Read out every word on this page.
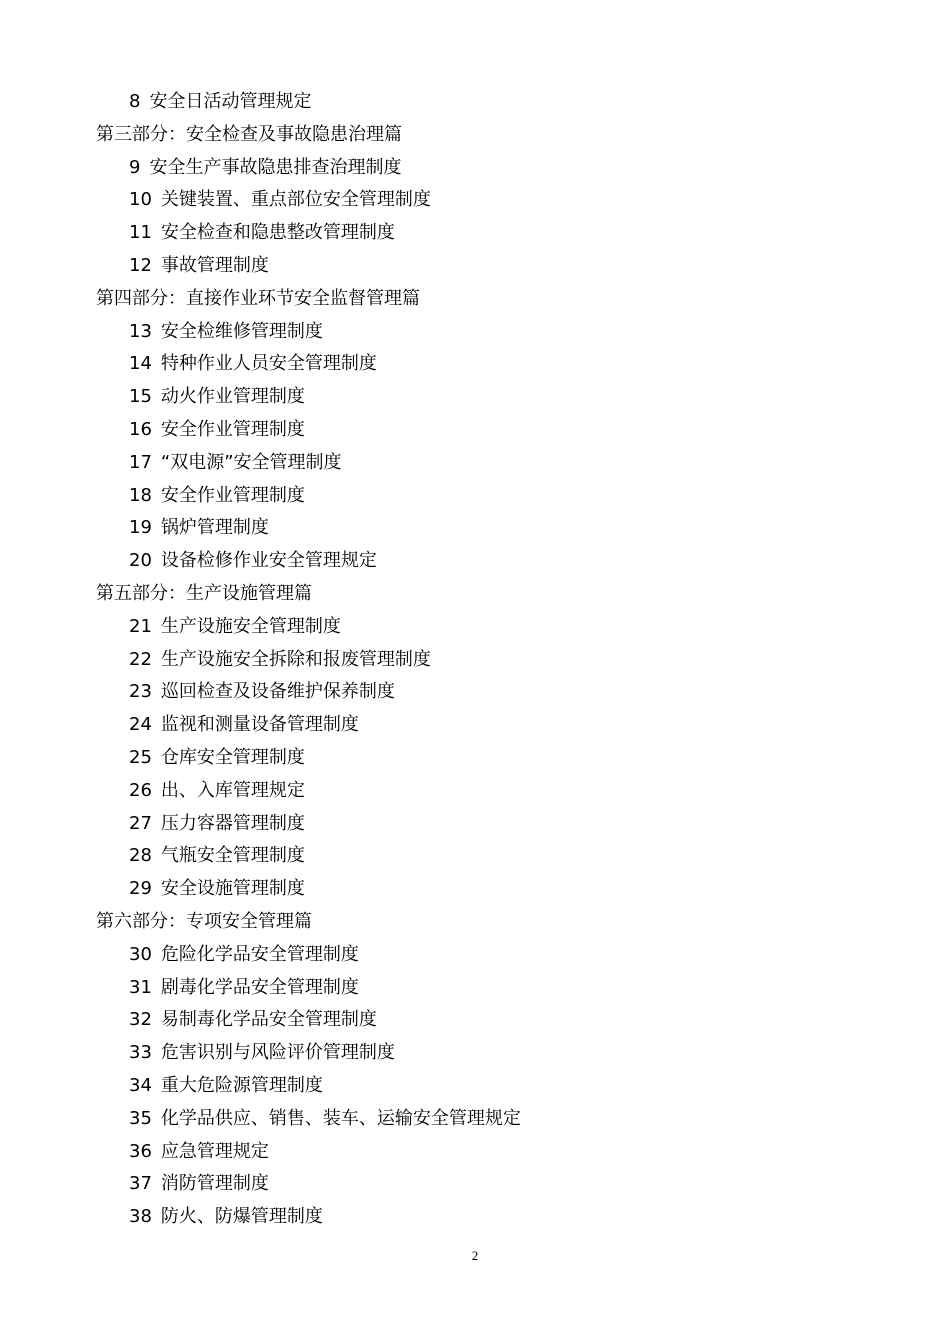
8 安全日活动管理规定
第三部分：安全检查及事故隐患治理篇
9 安全生产事故隐患排查治理制度
10 关键装置、重点部位安全管理制度
11 安全检查和隐患整改管理制度
12 事故管理制度
第四部分：直接作业环节安全监督管理篇
13 安全检维修管理制度
14 特种作业人员安全管理制度
15 动火作业管理制度
16 安全作业管理制度
17 “双电源”安全管理制度
18 安全作业管理制度
19 锅炉管理制度
20 设备检修作业安全管理规定
第五部分：生产设施管理篇
21 生产设施安全管理制度
22 生产设施安全拆除和报废管理制度
23 巡回检查及设备维护保养制度
24 监视和测量设备管理制度
25 仓库安全管理制度
26 出、入库管理规定
27 压力容器管理制度
28 气瓶安全管理制度
29 安全设施管理制度
第六部分：专项安全管理篇
30 危险化学品安全管理制度
31 剧毒化学品安全管理制度
32 易制毒化学品安全管理制度
33 危害识别与风险评价管理制度
34 重大危险源管理制度
35 化学品供应、销售、装车、运输安全管理规定
36 应急管理规定
37 消防管理制度
38 防火、防爆管理制度
2
